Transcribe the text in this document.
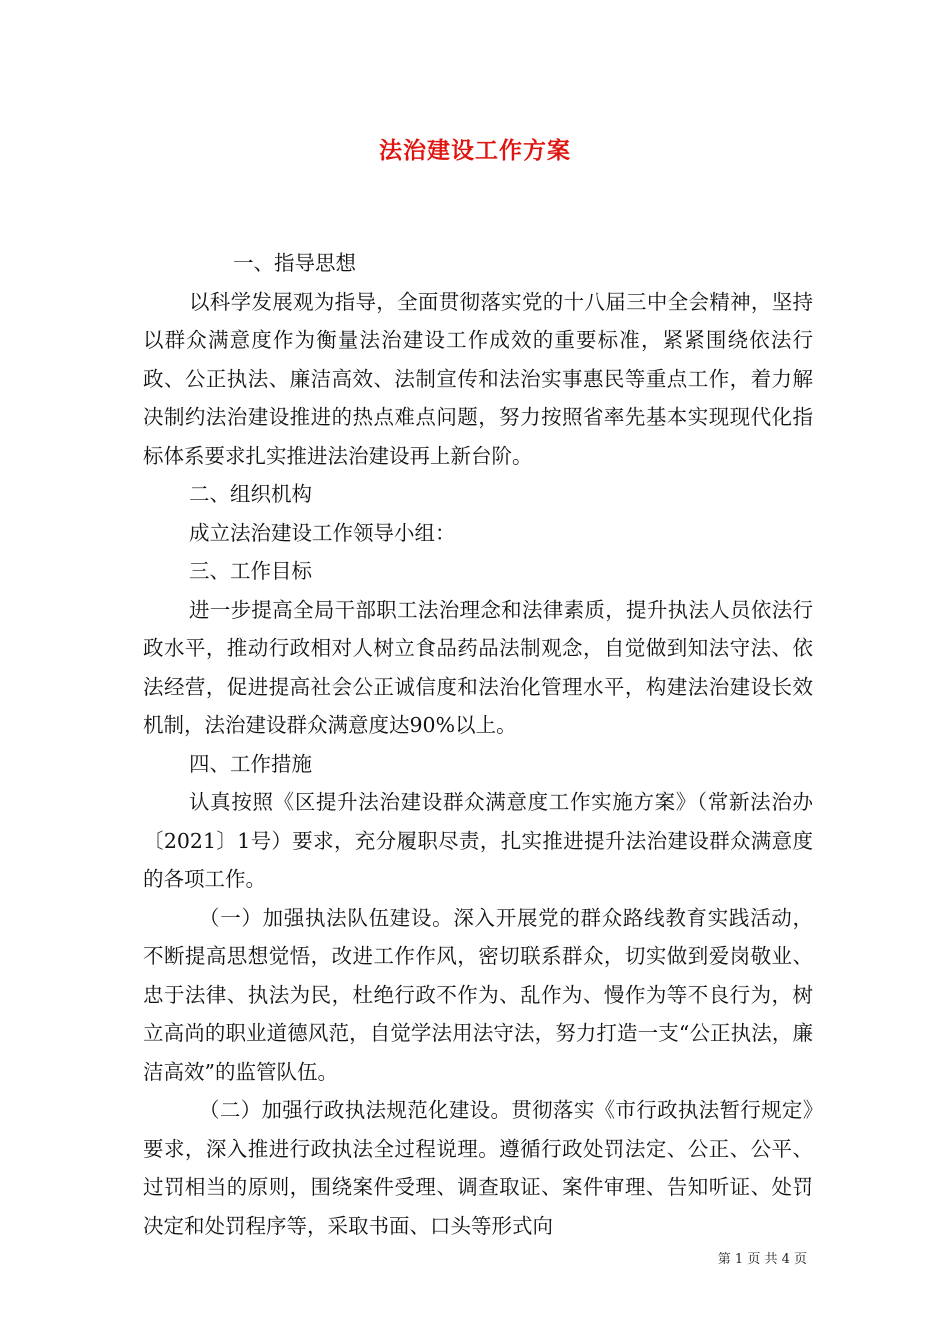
法治建设工作方案

一、指导思想

以科学发展观为指导，全面贯彻落实党的十八届三中全会精神，坚持以群众满意度作为衡量法治建设工作成效的重要标准，紧紧围绕依法行政、公正执法、廉洁高效、法制宣传和法治实事惠民等重点工作，着力解决制约法治建设推进的热点难点问题，努力按照省率先基本实现现代化指标体系要求扎实推进法治建设再上新台阶。

二、组织机构

成立法治建设工作领导小组：

三、工作目标

进一步提高全局干部职工法治理念和法律素质，提升执法人员依法行政水平，推动行政相对人树立食品药品法制观念，自觉做到知法守法、依法经营，促进提高社会公正诚信度和法治化管理水平，构建法治建设长效机制，法治建设群众满意度达90%以上。

四、工作措施

认真按照《区提升法治建设群众满意度工作实施方案》（常新法治办〔2021〕1号）要求，充分履职尽责，扎实推进提升法治建设群众满意度的各项工作。

（一）加强执法队伍建设。深入开展党的群众路线教育实践活动，不断提高思想觉悟，改进工作作风，密切联系群众，切实做到爱岗敬业、忠于法律、执法为民，杜绝行政不作为、乱作为、慢作为等不良行为，树立高尚的职业道德风范，自觉学法用法守法，努力打造一支“公正执法，廉洁高效”的监管队伍。

（二）加强行政执法规范化建设。贯彻落实《市行政执法暂行规定》要求，深入推进行政执法全过程说理。遵循行政处罚法定、公正、公平、过罚相当的原则，围绕案件受理、调查取证、案件审理、告知听证、处罚决定和处罚程序等，采取书面、口头等形式向

第 1 页 共 4 页
